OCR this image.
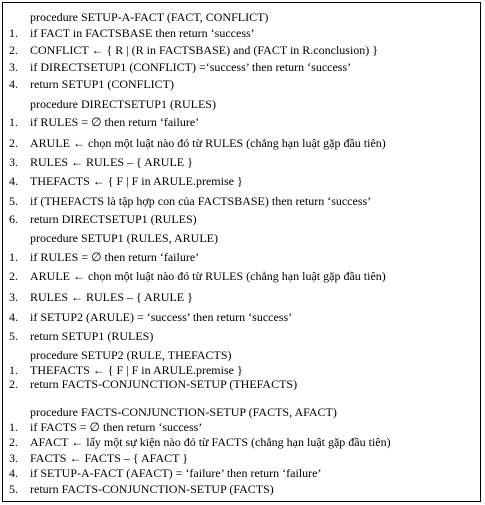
procedure SETUP-A-FACT (FACT, CONFLICT)
1. if FACT in FACTSBASE then return ‘success’
2. CONFLICT ← { R | (R in FACTSBASE) and (FACT in R.conclusion) }
3. if DIRECTSETUP1 (CONFLICT) =‘success’ then return ‘success’
4. return SETUP1 (CONFLICT)
procedure DIRECTSETUP1 (RULES)
1. if RULES = ∅ then return ‘failure’
2. ARULE ← chọn một luật nào đó từ RULES (chẳng hạn luật gặp đầu tiên)
3. RULES ← RULES – { ARULE }
4. THEFACTS ← { F | F in ARULE.premise }
5. if (THEFACTS là tập hợp con của FACTSBASE) then return ‘success’
6. return DIRECTSETUP1 (RULES)
procedure SETUP1 (RULES, ARULE)
1. if RULES = ∅ then return ‘failure’
2. ARULE ← chọn một luật nào đó từ RULES (chẳng hạn luật gặp đầu tiên)
3. RULES ← RULES – { ARULE }
4. if SETUP2 (ARULE) = ‘success’ then return ‘success’
5. return SETUP1 (RULES)
procedure SETUP2 (RULE, THEFACTS)
1. THEFACTS ← { F | F in ARULE.premise }
2. return FACTS-CONJUNCTION-SETUP (THEFACTS)
procedure FACTS-CONJUNCTION-SETUP (FACTS, AFACT)
1. if FACTS = ∅ then return ‘success’
2. AFACT ← lấy một sự kiện nào đó từ FACTS (chẳng hạn luật gặp đầu tiên)
3. FACTS ← FACTS – { AFACT }
4. if SETUP-A-FACT (AFACT) = ‘failure’ then return ‘failure’
5. return FACTS-CONJUNCTION-SETUP (FACTS)
